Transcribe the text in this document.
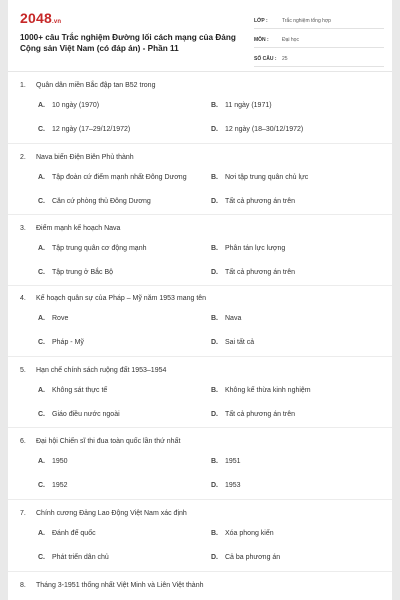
2048.vn
1000+ câu Trắc nghiệm Đường lối cách mạng của Đảng Cộng sản Việt Nam (có đáp án) - Phần 11
LỚP :	Trắc nghiệm tổng hợp
MÔN :	Đại học
SỐ CÂU :	25
1. Quân dân miền Bắc đập tan B52 trong
A. 10 ngày (1970)	B. 11 ngày (1971)
C. 12 ngày (17–29/12/1972)	D. 12 ngày (18–30/12/1972)
2. Nava biến Điện Biên Phủ thành
A. Tập đoàn cứ điểm mạnh nhất Đông Dương	B. Nơi tập trung quân chủ lực
C. Căn cứ phòng thủ Đông Dương	D. Tất cả phương án trên
3. Điểm mạnh kế hoạch Nava
A. Tập trung quân cơ động mạnh	B. Phân tán lực lượng
C. Tập trung ở Bắc Bộ	D. Tất cả phương án trên
4. Kế hoạch quân sự của Pháp – Mỹ năm 1953 mang tên
A. Rove	B. Nava
C. Pháp - Mỹ	D. Sai tất cả
5. Hạn chế chính sách ruộng đất 1953–1954
A. Không sát thực tế	B. Không kế thừa kinh nghiệm
C. Giáo điều nước ngoài	D. Tất cả phương án trên
6. Đại hội Chiến sĩ thi đua toàn quốc lần thứ nhất
A. 1950	B. 1951
C. 1952	D. 1953
7. Chính cương Đảng Lao Động Việt Nam xác định
A. Đánh đế quốc	B. Xóa phong kiến
C. Phát triển dân chủ	D. Cả ba phương án
8. Tháng 3-1951 thống nhất Việt Minh và Liên Việt thành
